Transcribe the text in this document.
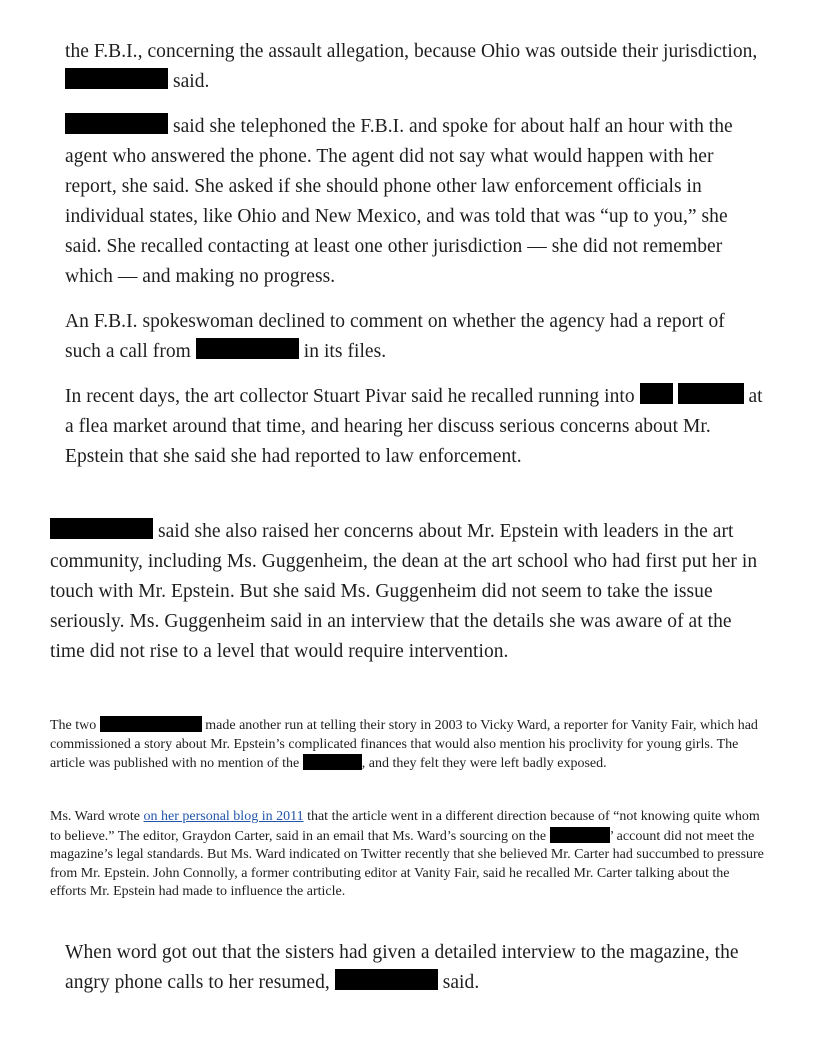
the F.B.I., concerning the assault allegation, because Ohio was outside their jurisdiction,  said.

said she telephoned the F.B.I. and spoke for about half an hour with the agent who answered the phone. The agent did not say what would happen with her report, she said. She asked if she should phone other law enforcement officials in individual states, like Ohio and New Mexico, and was told that was “up to you,” she said. She recalled contacting at least one other jurisdiction — she did not remember which — and making no progress.

An F.B.I. spokeswoman declined to comment on whether the agency had a report of such a call from	in its files.

In recent days, the art collector Stuart Pivar said he recalled running into	at a flea market around that time, and hearing her discuss serious concerns about Mr. Epstein that she said she had reported to law enforcement.

said she also raised her concerns about Mr. Epstein with leaders in the art community, including Ms. Guggenheim, the dean at the art school who had first put her in touch with Mr. Epstein. But she said Ms. Guggenheim did not seem to take the issue seriously. Ms. Guggenheim said in an interview that the details she was aware of at the time did not rise to a level that would require intervention.

The two	made another run at telling their story in 2003 to Vicky Ward, a reporter for Vanity Fair, which had commissioned a story about Mr. Epstein’s complicated finances that would also mention his proclivity for young girls. The article was published with no mention of the	, and they felt they were left badly exposed.

Ms. Ward wrote on her personal blog in 2011 that the article went in a different direction because of “not knowing quite whom to believe.” The editor, Graydon Carter, said in an email that Ms. Ward’s sourcing on the	’ account did not meet the magazine’s legal standards. But Ms. Ward indicated on Twitter recently that she believed Mr. Carter had succumbed to pressure from Mr. Epstein. John Connolly, a former contributing editor at Vanity Fair, said he recalled Mr. Carter talking about the efforts Mr. Epstein had made to influence the article.

When word got out that the sisters had given a detailed interview to the magazine, the angry phone calls to her resumed,	said.
